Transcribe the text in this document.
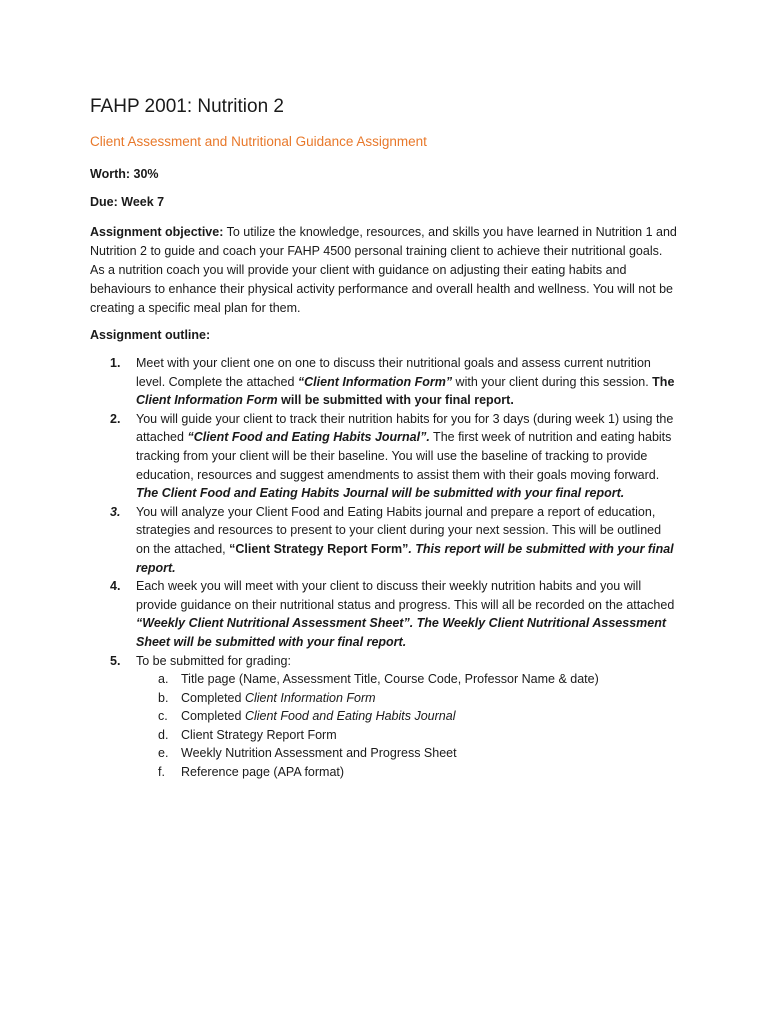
FAHP 2001: Nutrition 2
Client Assessment and Nutritional Guidance Assignment
Worth: 30%
Due: Week 7

Assignment objective: To utilize the knowledge, resources, and skills you have learned in Nutrition 1 and Nutrition 2 to guide and coach your FAHP 4500 personal training client to achieve their nutritional goals. As a nutrition coach you will provide your client with guidance on adjusting their eating habits and behaviours to enhance their physical activity performance and overall health and wellness. You will not be creating a specific meal plan for them.

Assignment outline:
1. Meet with your client one on one to discuss their nutritional goals and assess current nutrition level. Complete the attached “Client Information Form” with your client during this session. The Client Information Form will be submitted with your final report.
2. You will guide your client to track their nutrition habits for you for 3 days (during week 1) using the attached “Client Food and Eating Habits Journal”. The first week of nutrition and eating habits tracking from your client will be their baseline. You will use the baseline of tracking to provide education, resources and suggest amendments to assist them with their goals moving forward. The Client Food and Eating Habits Journal will be submitted with your final report.
3. You will analyze your Client Food and Eating Habits journal and prepare a report of education, strategies and resources to present to your client during your next session. This will be outlined on the attached, “Client Strategy Report Form”. This report will be submitted with your final report.
4. Each week you will meet with your client to discuss their weekly nutrition habits and you will provide guidance on their nutritional status and progress. This will all be recorded on the attached “Weekly Client Nutritional Assessment Sheet”. The Weekly Client Nutritional Assessment Sheet will be submitted with your final report.
5. To be submitted for grading:
a. Title page (Name, Assessment Title, Course Code, Professor Name & date)
b. Completed Client Information Form
c. Completed Client Food and Eating Habits Journal
d. Client Strategy Report Form
e. Weekly Nutrition Assessment and Progress Sheet
f. Reference page (APA format)
